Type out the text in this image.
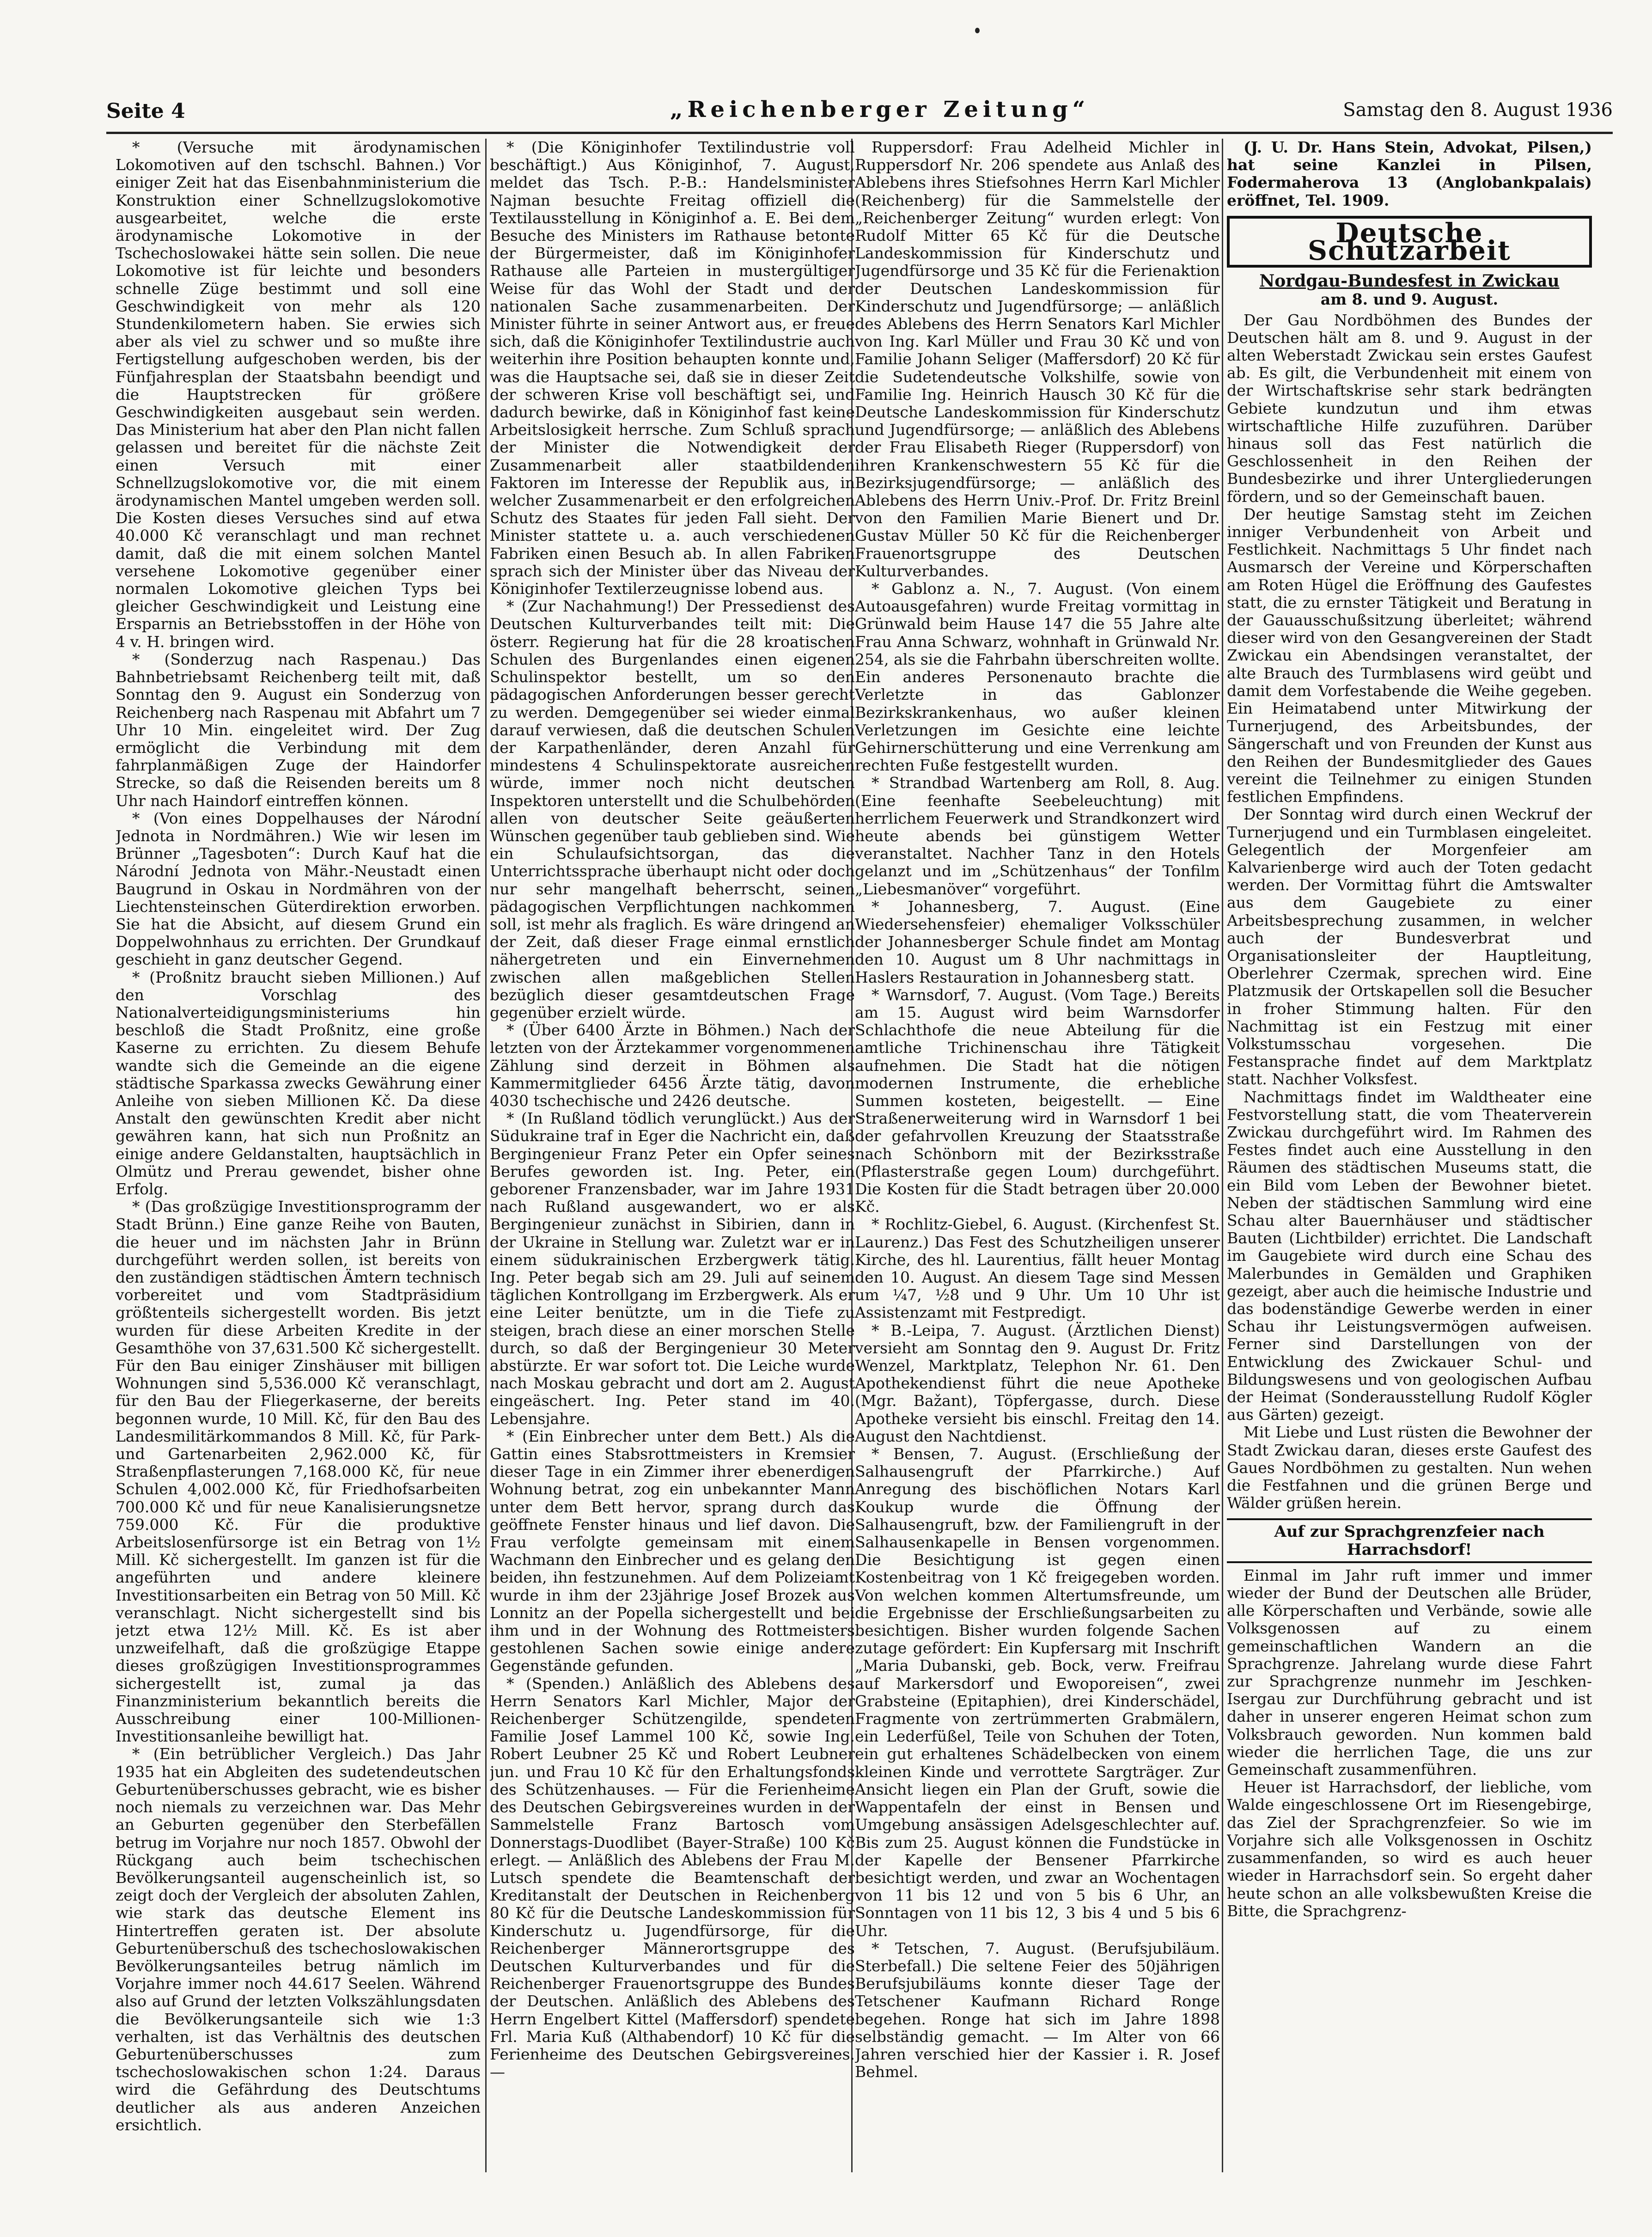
Seite 4	„Reichenberger Zeitung“	Samstag den 8. August 1936

* (Versuche mit ärodynamischen Lokomotiven auf den tschschl. Bahnen.) Vor einiger Zeit hat das Eisenbahnministerium die Konstruktion einer Schnellzugslokomotive ausgearbeitet, welche die erste ärodynamische Lokomotive in der Tschechoslowakei hätte sein sollen. Die neue Lokomotive ist für leichte und besonders schnelle Züge bestimmt und soll eine Geschwindigkeit von mehr als 120 Stundenkilometern haben. Sie erwies sich aber als viel zu schwer und so mußte ihre Fertigstellung aufgeschoben werden, bis der Fünfjahresplan der Staatsbahn beendigt und die Hauptstrecken für größere Geschwindigkeiten ausgebaut sein werden. Das Ministerium hat aber den Plan nicht fallen gelassen und bereitet für die nächste Zeit einen Versuch mit einer Schnellzugslokomotive vor, die mit einem ärodynamischen Mantel umgeben werden soll. Die Kosten dieses Versuches sind auf etwa 40.000 Kč veranschlagt und man rechnet damit, daß die mit einem solchen Mantel versehene Lokomotive gegenüber einer normalen Lokomotive gleichen Typs bei gleicher Geschwindigkeit und Leistung eine Ersparnis an Betriebsstoffen in der Höhe von 4 v. H. bringen wird.

* (Sonderzug nach Raspenau.) Das Bahnbetriebsamt Reichenberg teilt mit, daß Sonntag den 9. August ein Sonderzug von Reichenberg nach Raspenau mit Abfahrt um 7 Uhr 10 Min. eingeleitet wird. Der Zug ermöglicht die Verbindung mit dem fahrplanmäßigen Zuge der Haindorfer Strecke, so daß die Reisenden bereits um 8 Uhr nach Haindorf eintreffen können.

* (Von eines Doppelhauses der Národní Jednota in Nordmähren.) Wie wir lesen im Brünner „Tagesboten“: Durch Kauf hat die Národní Jednota von Mähr.-Neustadt einen Baugrund in Oskau in Nordmähren von der Liechtensteinschen Güterdirektion erworben. Sie hat die Absicht, auf diesem Grund ein Doppelwohnhaus zu errichten. Der Grundkauf geschieht in ganz deutscher Gegend.

* (Proßnitz braucht sieben Millionen.) Auf den Vorschlag des Nationalverteidigungsministeriums hin beschloß die Stadt Proßnitz, eine große Kaserne zu errichten. Zu diesem Behufe wandte sich die Gemeinde an die eigene städtische Sparkassa zwecks Gewährung einer Anleihe von sieben Millionen Kč. Da diese Anstalt den gewünschten Kredit aber nicht gewähren kann, hat sich nun Proßnitz an einige andere Geldanstalten, hauptsächlich in Olmütz und Prerau gewendet, bisher ohne Erfolg.

* (Das großzügige Investitionsprogramm der Stadt Brünn.) Eine ganze Reihe von Bauten, die heuer und im nächsten Jahr in Brünn durchgeführt werden sollen, ist bereits von den zuständigen städtischen Ämtern technisch vorbereitet und vom Stadtpräsidium größtenteils sichergestellt worden. Bis jetzt wurden für diese Arbeiten Kredite in der Gesamthöhe von 37,631.500 Kč sichergestellt. Für den Bau einiger Zinshäuser mit billigen Wohnungen sind 5,536.000 Kč veranschlagt, für den Bau der Fliegerkaserne, der bereits begonnen wurde, 10 Mill. Kč, für den Bau des Landesmilitärkommandos 8 Mill. Kč, für Park- und Gartenarbeiten 2,962.000 Kč, für Straßenpflasterungen 7,168.000 Kč, für neue Schulen 4,002.000 Kč, für Friedhofsarbeiten 700.000 Kč und für neue Kanalisierungsnetze 759.000 Kč. Für die produktive Arbeitslosenfürsorge ist ein Betrag von 1½ Mill. Kč sichergestellt. Im ganzen ist für die angeführten und andere kleinere Investitionsarbeiten ein Betrag von 50 Mill. Kč veranschlagt. Nicht sichergestellt sind bis jetzt etwa 12½ Mill. Kč. Es ist aber unzweifelhaft, daß die großzügige Etappe dieses großzügigen Investitionsprogrammes sichergestellt ist, zumal ja das Finanzministerium bekanntlich bereits die Ausschreibung einer 100-Millionen-Investitionsanleihe bewilligt hat.

* (Ein betrüblicher Vergleich.) Das Jahr 1935 hat ein Abgleiten des sudetendeutschen Geburtenüberschusses gebracht, wie es bisher noch niemals zu verzeichnen war. Das Mehr an Geburten gegenüber den Sterbefällen betrug im Vorjahre nur noch 1857. Obwohl der Rückgang auch beim tschechischen Bevölkerungsanteil augenscheinlich ist, so zeigt doch der Vergleich der absoluten Zahlen, wie stark das deutsche Element ins Hintertreffen geraten ist. Der absolute Geburtenüberschuß des tschechoslowakischen Bevölkerungsanteiles betrug nämlich im Vorjahre immer noch 44.617 Seelen. Während also auf Grund der letzten Volkszählungsdaten die Bevölkerungsanteile sich wie 1:3 verhalten, ist das Verhältnis des deutschen Geburtenüberschusses zum tschechoslowakischen schon 1:24. Daraus wird die Gefährdung des Deutschtums deutlicher als aus anderen Anzeichen ersichtlich.

* (Die Königinhofer Textilindustrie voll beschäftigt.) Aus Königinhof, 7. August, meldet das Tsch. P.-B.: Handelsminister Najman besuchte Freitag offiziell die Textilausstellung in Königinhof a. E. Bei dem Besuche des Ministers im Rathause betonte der Bürgermeister, daß im Königinhofer Rathause alle Parteien in mustergültiger Weise für das Wohl der Stadt und der nationalen Sache zusammenarbeiten. Der Minister führte in seiner Antwort aus, er freue sich, daß die Königinhofer Textilindustrie auch weiterhin ihre Position behaupten konnte und, was die Hauptsache sei, daß sie in dieser Zeit der schweren Krise voll beschäftigt sei, und dadurch bewirke, daß in Königinhof fast keine Arbeitslosigkeit herrsche. Zum Schluß sprach der Minister die Notwendigkeit der Zusammenarbeit aller staatbildenden Faktoren im Interesse der Republik aus, in welcher Zusammenarbeit er den erfolgreichen Schutz des Staates für jeden Fall sieht. Der Minister stattete u. a. auch verschiedenen Fabriken einen Besuch ab. In allen Fabriken sprach sich der Minister über das Niveau der Königinhofer Textilerzeugnisse lobend aus.

* (Zur Nachahmung!) Der Pressedienst des Deutschen Kulturverbandes teilt mit: Die österr. Regierung hat für die 28 kroatischen Schulen des Burgenlandes einen eigenen Schulinspektor bestellt, um so den pädagogischen Anforderungen besser gerecht zu werden. Demgegenüber sei wieder einmal darauf verwiesen, daß die deutschen Schulen der Karpathenländer, deren Anzahl für mindestens 4 Schulinspektorate ausreichen würde, immer noch nicht deutschen Inspektoren unterstellt und die Schulbehörden allen von deutscher Seite geäußerten Wünschen gegenüber taub geblieben sind. Wie ein Schulaufsichtsorgan, das die Unterrichtssprache überhaupt nicht oder doch nur sehr mangelhaft beherrscht, seinen pädagogischen Verpflichtungen nachkommen soll, ist mehr als fraglich. Es wäre dringend an der Zeit, daß dieser Frage einmal ernstlich nähergetreten und ein Einvernehmen zwischen allen maßgeblichen Stellen bezüglich dieser gesamtdeutschen Frage gegenüber erzielt würde.

* (Über 6400 Ärzte in Böhmen.) Nach der letzten von der Ärztekammer vorgenommenen Zählung sind derzeit in Böhmen als Kammermitglieder 6456 Ärzte tätig, davon 4030 tschechische und 2426 deutsche.

* (In Rußland tödlich verunglückt.) Aus der Südukraine traf in Eger die Nachricht ein, daß Bergingenieur Franz Peter ein Opfer seines Berufes geworden ist. Ing. Peter, ein geborener Franzensbader, war im Jahre 1931 nach Rußland ausgewandert, wo er als Bergingenieur zunächst in Sibirien, dann in der Ukraine in Stellung war. Zuletzt war er in einem südukrainischen Erzbergwerk tätig. Ing. Peter begab sich am 29. Juli auf seinem täglichen Kontrollgang im Erzbergwerk. Als er eine Leiter benützte, um in die Tiefe zu steigen, brach diese an einer morschen Stelle durch, so daß der Bergingenieur 30 Meter abstürzte. Er war sofort tot. Die Leiche wurde nach Moskau gebracht und dort am 2. August eingeäschert. Ing. Peter stand im 40. Lebensjahre.

* (Ein Einbrecher unter dem Bett.) Als die Gattin eines Stabsrottmeisters in Kremsier dieser Tage in ein Zimmer ihrer ebenerdigen Wohnung betrat, zog ein unbekannter Mann unter dem Bett hervor, sprang durch das geöffnete Fenster hinaus und lief davon. Die Frau verfolgte gemeinsam mit einem Wachmann den Einbrecher und es gelang den beiden, ihn festzunehmen. Auf dem Polizeiamt wurde in ihm der 23jährige Josef Brozek aus Lonnitz an der Popella sichergestellt und bei ihm und in der Wohnung des Rottmeisters gestohlenen Sachen sowie einige andere Gegenstände gefunden.

* (Spenden.) Anläßlich des Ablebens des Herrn Senators Karl Michler, Major der Reichenberger Schützengilde, spendeten Familie Josef Lammel 100 Kč, sowie Ing. Robert Leubner 25 Kč und Robert Leubner jun. und Frau 10 Kč für den Erhaltungsfonds des Schützenhauses. — Für die Ferienheime des Deutschen Gebirgsvereines wurden in der Sammelstelle Franz Bartosch vom Donnerstags-Duodlibet (Bayer-Straße) 100 Kč erlegt. — Anläßlich des Ablebens der Frau M. Lutsch spendete die Beamtenschaft der Kreditanstalt der Deutschen in Reichenberg 80 Kč für die Deutsche Landeskommission für Kinderschutz u. Jugendfürsorge, für die Reichenberger Männerortsgruppe des Deutschen Kulturverbandes und für die Reichenberger Frauenortsgruppe des Bundes der Deutschen. Anläßlich des Ablebens des Herrn Engelbert Kittel (Maffersdorf) spendete Frl. Maria Kuß (Althabendorf) 10 Kč für die Ferienheime des Deutschen Gebirgsvereines. —

Ruppersdorf: Frau Adelheid Michler in Ruppersdorf Nr. 206 spendete aus Anlaß des Ablebens ihres Stiefsohnes Herrn Karl Michler (Reichenberg) für die Sammelstelle der „Reichenberger Zeitung“ wurden erlegt: Von Rudolf Mitter 65 Kč für die Deutsche Landeskommission für Kinderschutz und Jugendfürsorge und 35 Kč für die Ferienaktion der Deutschen Landeskommission für Kinderschutz und Jugendfürsorge; — anläßlich des Ablebens des Herrn Senators Karl Michler von Ing. Karl Müller und Frau 30 Kč und von Familie Johann Seliger (Maffersdorf) 20 Kč für die Sudetendeutsche Volkshilfe, sowie von Familie Ing. Heinrich Hausch 30 Kč für die Deutsche Landeskommission für Kinderschutz und Jugendfürsorge; — anläßlich des Ablebens der Frau Elisabeth Rieger (Ruppersdorf) von ihren Krankenschwestern 55 Kč für die Bezirksjugendfürsorge; — anläßlich des Ablebens des Herrn Univ.-Prof. Dr. Fritz Breinl von den Familien Marie Bienert und Dr. Gustav Müller 50 Kč für die Reichenberger Frauenortsgruppe des Deutschen Kulturverbandes.

* Gablonz a. N., 7. August. (Von einem Autoausgefahren) wurde Freitag vormittag in Grünwald beim Hause 147 die 55 Jahre alte Frau Anna Schwarz, wohnhaft in Grünwald Nr. 254, als sie die Fahrbahn überschreiten wollte. Ein anderes Personenauto brachte die Verletzte in das Gablonzer Bezirkskrankenhaus, wo außer kleinen Verletzungen im Gesichte eine leichte Gehirnerschütterung und eine Verrenkung am rechten Fuße festgestellt wurden.

* Strandbad Wartenberg am Roll, 8. Aug. (Eine feenhafte Seebeleuchtung) mit herrlichem Feuerwerk und Strandkonzert wird heute abends bei günstigem Wetter veranstaltet. Nachher Tanz in den Hotels gelanzt und im „Schützenhaus“ der Tonfilm „Liebesmanöver“ vorgeführt.

* Johannesberg, 7. August. (Eine Wiedersehensfeier) ehemaliger Volksschüler der Johannesberger Schule findet am Montag den 10. August um 8 Uhr nachmittags in Haslers Restauration in Johannesberg statt.

* Warnsdorf, 7. August. (Vom Tage.) Bereits am 15. August wird beim Warnsdorfer Schlachthofe die neue Abteilung für die amtliche Trichinenschau ihre Tätigkeit aufnehmen. Die Stadt hat die nötigen modernen Instrumente, die erhebliche Summen kosteten, beigestellt. — Eine Straßenerweiterung wird in Warnsdorf 1 bei der gefahrvollen Kreuzung der Staatsstraße nach Schönborn mit der Bezirksstraße (Pflasterstraße gegen Loum) durchgeführt. Die Kosten für die Stadt betragen über 20.000 Kč.

* Rochlitz-Giebel, 6. August. (Kirchenfest St. Laurenz.) Das Fest des Schutzheiligen unserer Kirche, des hl. Laurentius, fällt heuer Montag den 10. August. An diesem Tage sind Messen um ¼7, ½8 und 9 Uhr. Um 10 Uhr ist Assistenzamt mit Festpredigt.

* B.-Leipa, 7. August. (Ärztlichen Dienst) versieht am Sonntag den 9. August Dr. Fritz Wenzel, Marktplatz, Telephon Nr. 61. Den Apothekendienst führt die neue Apotheke (Mgr. Bažant), Töpfergasse, durch. Diese Apotheke versieht bis einschl. Freitag den 14. August den Nachtdienst.

* Bensen, 7. August. (Erschließung der Salhausengruft der Pfarrkirche.) Auf Anregung des bischöflichen Notars Karl Koukup wurde die Öffnung der Salhausengruft, bzw. der Familiengruft in der Salhausenkapelle in Bensen vorgenommen. Die Besichtigung ist gegen einen Kostenbeitrag von 1 Kč freigegeben worden. Von welchen kommen Altertumsfreunde, um die Ergebnisse der Erschließungsarbeiten zu besichtigen. Bisher wurden folgende Sachen zutage gefördert: Ein Kupfersarg mit Inschrift „Maria Dubanski, geb. Bock, verw. Freifrau auf Markersdorf und Ewoporeisen“, zwei Grabsteine (Epitaphien), drei Kinderschädel, Fragmente von zertrümmerten Grabmälern, ein Lederfüßel, Teile von Schuhen der Toten, ein gut erhaltenes Schädelbecken von einem kleinen Kinde und verrottete Sargträger. Zur Ansicht liegen ein Plan der Gruft, sowie die Wappentafeln der einst in Bensen und Umgebung ansässigen Adelsgeschlechter auf. Bis zum 25. August können die Fundstücke in der Kapelle der Bensener Pfarrkirche besichtigt werden, und zwar an Wochentagen von 11 bis 12 und von 5 bis 6 Uhr, an Sonntagen von 11 bis 12, 3 bis 4 und 5 bis 6 Uhr.

* Tetschen, 7. August. (Berufsjubiläum. Sterbefall.) Die seltene Feier des 50jährigen Berufsjubiläums konnte dieser Tage der Tetschener Kaufmann Richard Ronge begehen. Ronge hat sich im Jahre 1898 selbständig gemacht. — Im Alter von 66 Jahren verschied hier der Kassier i. R. Josef Behmel.

(J. U. Dr. Hans Stein, Advokat, Pilsen,) hat seine Kanzlei in Pilsen, Fodermaherova 13 (Anglobankpalais) eröffnet, Tel. 1909.

Deutsche Schutzarbeit
Nordgau-Bundesfest in Zwickau
am 8. und 9. August.

Der Gau Nordböhmen des Bundes der Deutschen hält am 8. und 9. August in der alten Weberstadt Zwickau sein erstes Gaufest ab. Es gilt, die Verbundenheit mit einem von der Wirtschaftskrise sehr stark bedrängten Gebiete kundzutun und ihm etwas wirtschaftliche Hilfe zuzuführen. Darüber hinaus soll das Fest natürlich die Geschlossenheit in den Reihen der Bundesbezirke und ihrer Untergliederungen fördern, und so der Gemeinschaft bauen.

Der heutige Samstag steht im Zeichen inniger Verbundenheit von Arbeit und Festlichkeit. Nachmittags 5 Uhr findet nach Ausmarsch der Vereine und Körperschaften am Roten Hügel die Eröffnung des Gaufestes statt, die zu ernster Tätigkeit und Beratung in der Gauausschußsitzung überleitet; während dieser wird von den Gesangvereinen der Stadt Zwickau ein Abendsingen veranstaltet, der alte Brauch des Turmblasens wird geübt und damit dem Vorfestabende die Weihe gegeben. Ein Heimatabend unter Mitwirkung der Turnerjugend, des Arbeitsbundes, der Sängerschaft und von Freunden der Kunst aus den Reihen der Bundesmitglieder des Gaues vereint die Teilnehmer zu einigen Stunden festlichen Empfindens.

Der Sonntag wird durch einen Weckruf der Turnerjugend und ein Turmblasen eingeleitet. Gelegentlich der Morgenfeier am Kalvarienberge wird auch der Toten gedacht werden. Der Vormittag führt die Amtswalter aus dem Gaugebiete zu einer Arbeitsbesprechung zusammen, in welcher auch der Bundesverbrat und Organisationsleiter der Hauptleitung, Oberlehrer Czermak, sprechen wird. Eine Platzmusik der Ortskapellen soll die Besucher in froher Stimmung halten. Für den Nachmittag ist ein Festzug mit einer Volkstumsschau vorgesehen. Die Festansprache findet auf dem Marktplatz statt. Nachher Volksfest.

Nachmittags findet im Waldtheater eine Festvorstellung statt, die vom Theaterverein Zwickau durchgeführt wird. Im Rahmen des Festes findet auch eine Ausstellung in den Räumen des städtischen Museums statt, die ein Bild vom Leben der Bewohner bietet. Neben der städtischen Sammlung wird eine Schau alter Bauernhäuser und städtischer Bauten (Lichtbilder) errichtet. Die Landschaft im Gaugebiete wird durch eine Schau des Malerbundes in Gemälden und Graphiken gezeigt, aber auch die heimische Industrie und das bodenständige Gewerbe werden in einer Schau ihr Leistungsvermögen aufweisen. Ferner sind Darstellungen von der Entwicklung des Zwickauer Schul- und Bildungswesens und von geologischen Aufbau der Heimat (Sonderausstellung Rudolf Kögler aus Gärten) gezeigt.

Mit Liebe und Lust rüsten die Bewohner der Stadt Zwickau daran, dieses erste Gaufest des Gaues Nordböhmen zu gestalten. Nun wehen die Festfahnen und die grünen Berge und Wälder grüßen herein.

Auf zur Sprachgrenzfeier nach Harrachsdorf!

Einmal im Jahr ruft immer und immer wieder der Bund der Deutschen alle Brüder, alle Körperschaften und Verbände, sowie alle Volksgenossen auf zu einem gemeinschaftlichen Wandern an die Sprachgrenze. Jahrelang wurde diese Fahrt zur Sprachgrenze nunmehr im Jeschken-Isergau zur Durchführung gebracht und ist daher in unserer engeren Heimat schon zum Volksbrauch geworden. Nun kommen bald wieder die herrlichen Tage, die uns zur Gemeinschaft zusammenführen.

Heuer ist Harrachsdorf, der liebliche, vom Walde eingeschlossene Ort im Riesengebirge, das Ziel der Sprachgrenzfeier. So wie im Vorjahre sich alle Volksgenossen in Oschitz zusammenfanden, so wird es auch heuer wieder in Harrachsdorf sein. So ergeht daher heute schon an alle volksbewußten Kreise die Bitte, die Sprachgrenz-
